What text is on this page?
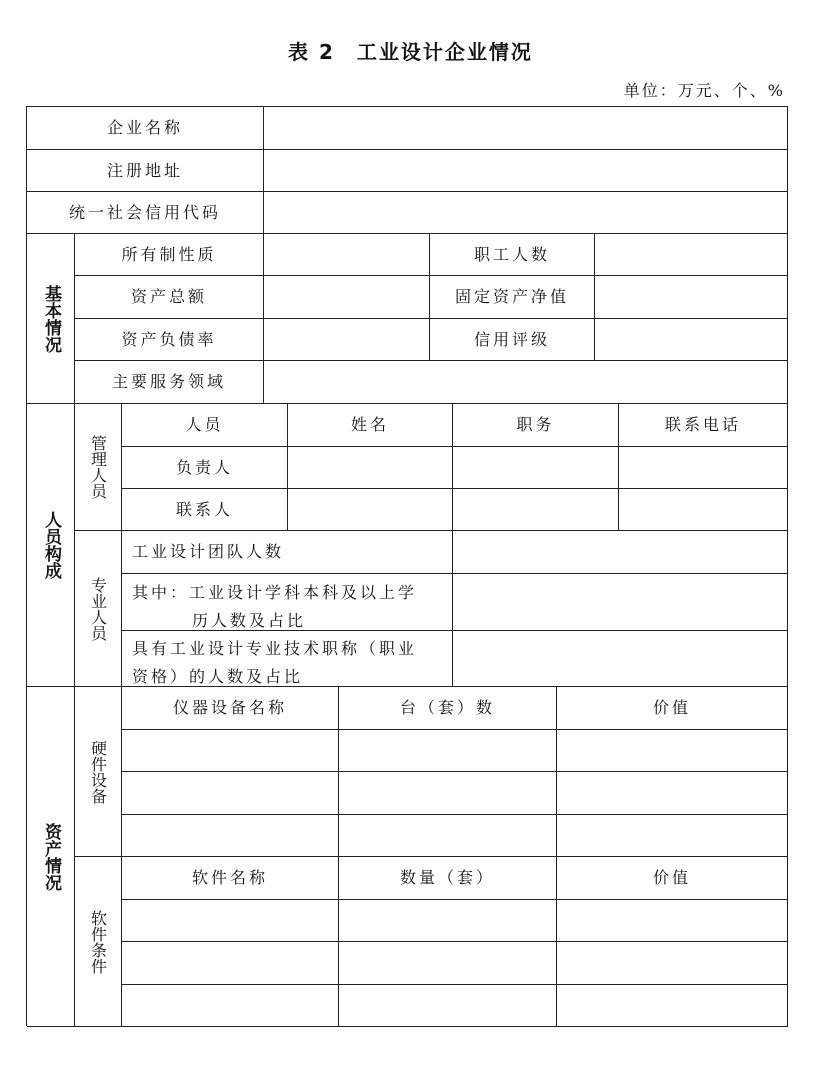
表 2　工业设计企业情况
单位：万元、个、%
企业名称
注册地址
统一社会信用代码
基本情况
所有制性质	职工人数
资产总额	固定资产净值
资产负债率	信用评级
主要服务领域
人员构成
管理人员
人员	姓名	职务	联系电话
负责人
联系人
专业人员
工业设计团队人数
其中：工业设计学科本科及以上学
历人数及占比
具有工业设计专业技术职称（职业
资格）的人数及占比
资产情况
硬件设备
仪器设备名称	台（套）数	价值
软件条件
软件名称	数量（套）	价值
